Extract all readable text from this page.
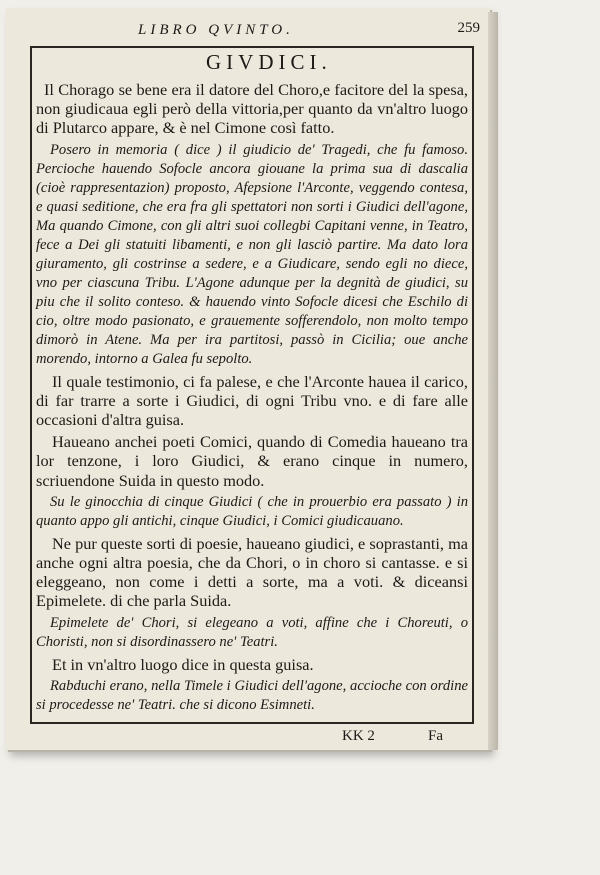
LIBRO QVINTO.	259
GIVDICI.

Il Chorago se bene era il datore del Choro,e facitore del la spesa, non giudicaua egli però della vittoria,per quanto da vn'altro luogo di Plutarco appare, & è nel Cimone così fatto.

Posero in memoria ( dice ) il giudicio de' Tragedi, che fu famoso. Percioche hauendo Sofocle ancora giouane la prima sua di dascalia (cioè rappresentazion) proposto, Afepsione l'Arconte, veggendo contesa, e quasi seditione, che era fra gli spettatori non sorti i Giudici dell'agone, Ma quando Cimone, con gli altri suoi collegbi Capitani venne, in Teatro, fece a Dei gli statuiti libamenti, e non gli lasciò partire. Ma dato lora giuramento, gli costrinse a sedere, e a Giudicare, sendo egli no diece, vno per ciascuna Tribu. L'Agone adunque per la degnità de giudici, su piu che il solito conteso. & hauendo vinto Sofocle dicesi che Eschilo di cio, oltre modo pasionato, e grauemente sofferendolo, non molto tempo dimorò in Atene. Ma per ira partitosi, passò in Cicilia; oue anche morendo, intorno a Galea fu sepolto.

Il quale testimonio, ci fa palese, e che l'Arconte hauea il carico, di far trarre a sorte i Giudici, di ogni Tribu vno. e di fare alle occasioni d'altra guisa.

Haueano anchei poeti Comici, quando di Comedia haueano tra lor tenzone, i loro Giudici, & erano cinque in numero, scriuendone Suida in questo modo.

Su le ginocchia di cinque Giudici ( che in prouerbio era passato ) in quanto appo gli antichi, cinque Giudici, i Comici giudicauano.

Ne pur queste sorti di poesie, haueano giudici, e soprastanti, ma anche ogni altra poesia, che da Chori, o in choro si cantasse. e si eleggeano, non come i detti a sorte, ma a voti. & diceansi Epimelete. di che parla Suida.

Epimelete de' Chori, si elegeano a voti, affine che i Choreuti, o Choristi, non si disordinassero ne' Teatri.

Et in vn'altro luogo dice in questa guisa.

Rabduchi erano, nella Timele i Giudici dell'agone, accioche con ordine si procedesse ne' Teatri. che si dicono Esimneti.

KK 2	Fa
